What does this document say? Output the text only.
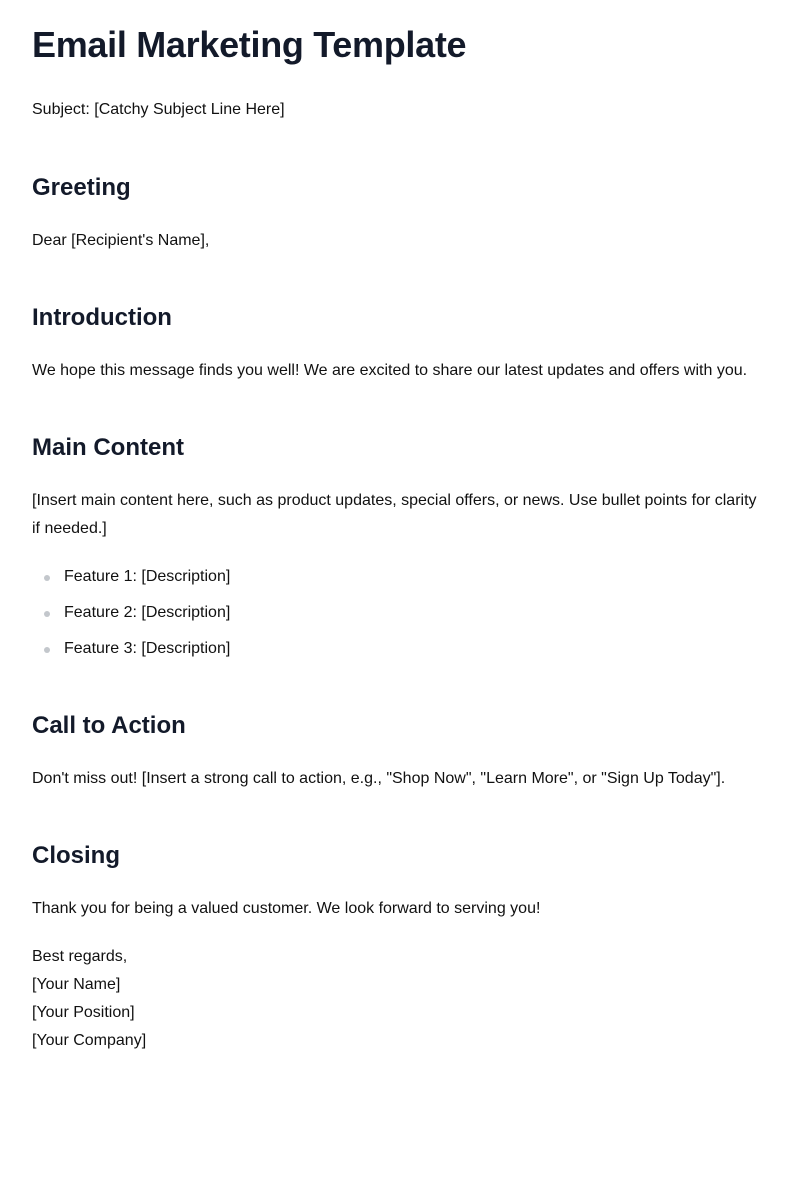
Email Marketing Template

Subject: [Catchy Subject Line Here]

Greeting

Dear [Recipient's Name],

Introduction

We hope this message finds you well! We are excited to share our latest updates and offers with you.

Main Content

[Insert main content here, such as product updates, special offers, or news. Use bullet points for clarity if needed.]

Feature 1: [Description]
Feature 2: [Description]
Feature 3: [Description]
Call to Action

Don't miss out! [Insert a strong call to action, e.g., "Shop Now", "Learn More", or "Sign Up Today"].

Closing

Thank you for being a valued customer. We look forward to serving you!

Best regards,
[Your Name]
[Your Position]
[Your Company]
